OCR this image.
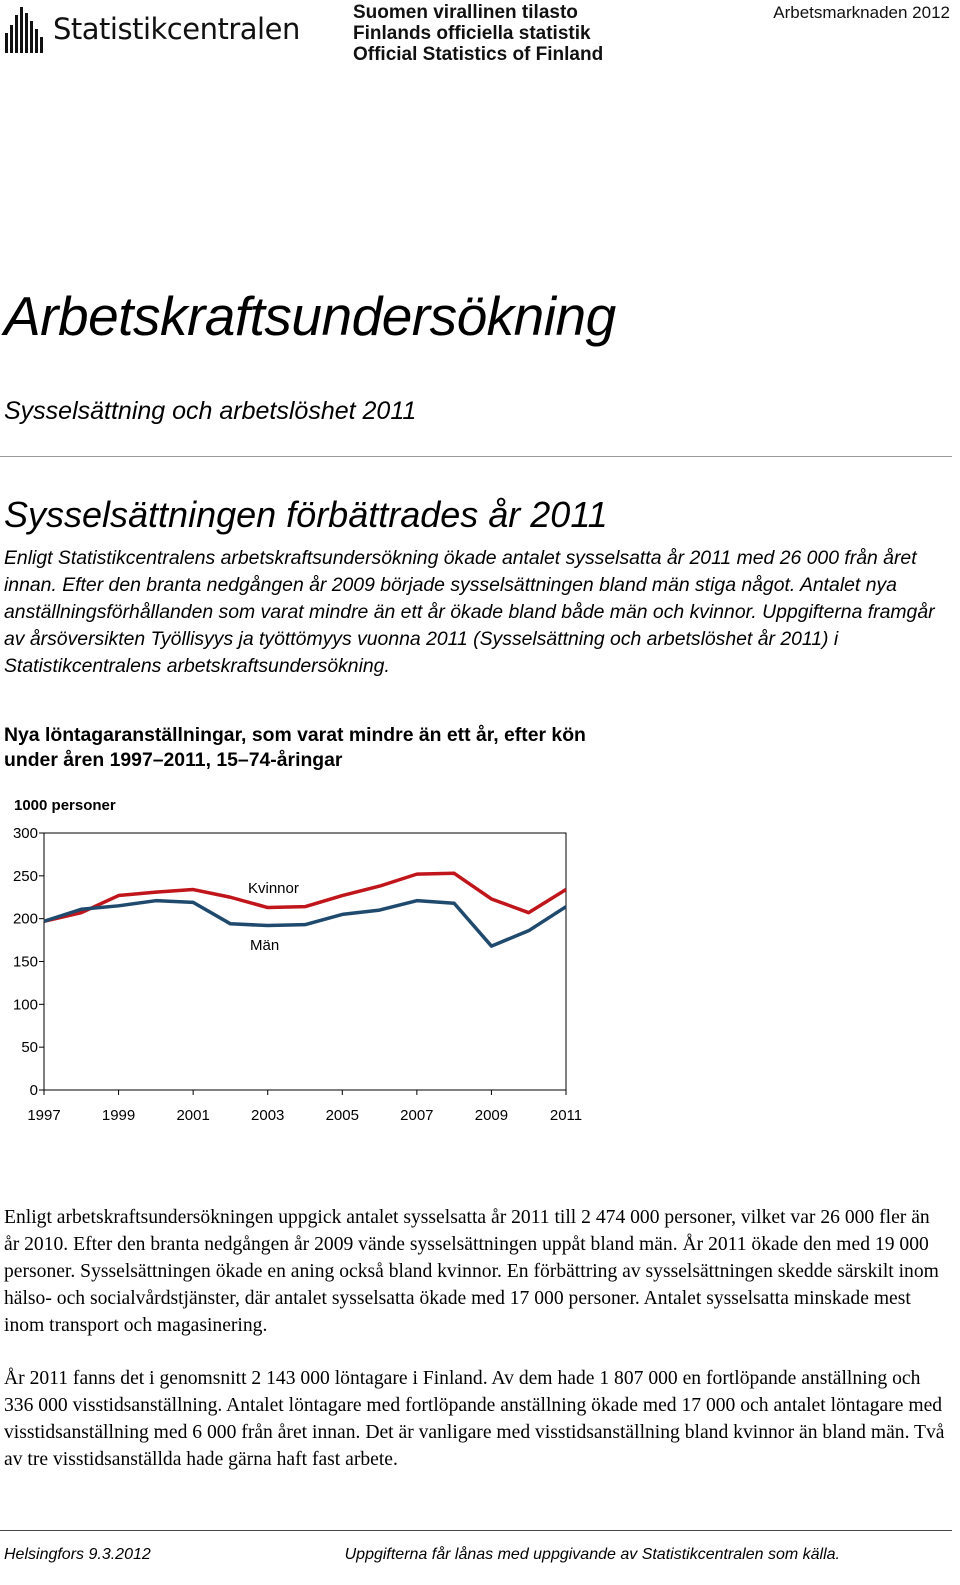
Statistikcentralen	Suomen virallinen tilasto
Finlands officiella statistik
Official Statistics of Finland
Arbetsmarknaden 2012
Arbetskraftsundersökning
Sysselsättning och arbetslöshet 2011
Sysselsättningen förbättrades år 2011

Enligt Statistikcentralens arbetskraftsundersökning ökade antalet sysselsatta år 2011 med 26 000 från året innan. Efter den branta nedgången år 2009 började sysselsättningen bland män stiga något. Antalet nya anställningsförhållanden som varat mindre än ett år ökade bland både män och kvinnor. Uppgifterna framgår av årsöversikten Työllisyys ja työttömyys vuonna 2011 (Sysselsättning och arbetslöshet år 2011) i Statistikcentralens arbetskraftsundersökning.

Nya löntagaranställningar, som varat mindre än ett år, efter kön under åren 1997–2011, 15–74-åringar

1000 personer
300
250
200
150
100
50
0
1997	1999	2001	2003	2005	2007	2009	2011
Kvinnor
Män

Enligt arbetskraftsundersökningen uppgick antalet sysselsatta år 2011 till 2 474 000 personer, vilket var 26 000 fler än år 2010. Efter den branta nedgången år 2009 vände sysselsättningen uppåt bland män. År 2011 ökade den med 19 000 personer. Sysselsättningen ökade en aning också bland kvinnor. En förbättring av sysselsättningen skedde särskilt inom hälso- och socialvårdstjänster, där antalet sysselsatta ökade med 17 000 personer. Antalet sysselsatta minskade mest inom transport och magasinering.

År 2011 fanns det i genomsnitt 2 143 000 löntagare i Finland. Av dem hade 1 807 000 en fortlöpande anställning och 336 000 visstidsanställning. Antalet löntagare med fortlöpande anställning ökade med 17 000 och antalet löntagare med visstidsanställning med 6 000 från året innan. Det är vanligare med visstidsanställning bland kvinnor än bland män. Två av tre visstidsanställda hade gärna haft fast arbete.

Helsingfors 9.3.2012	Uppgifterna får lånas med uppgivande av Statistikcentralen som källa.
